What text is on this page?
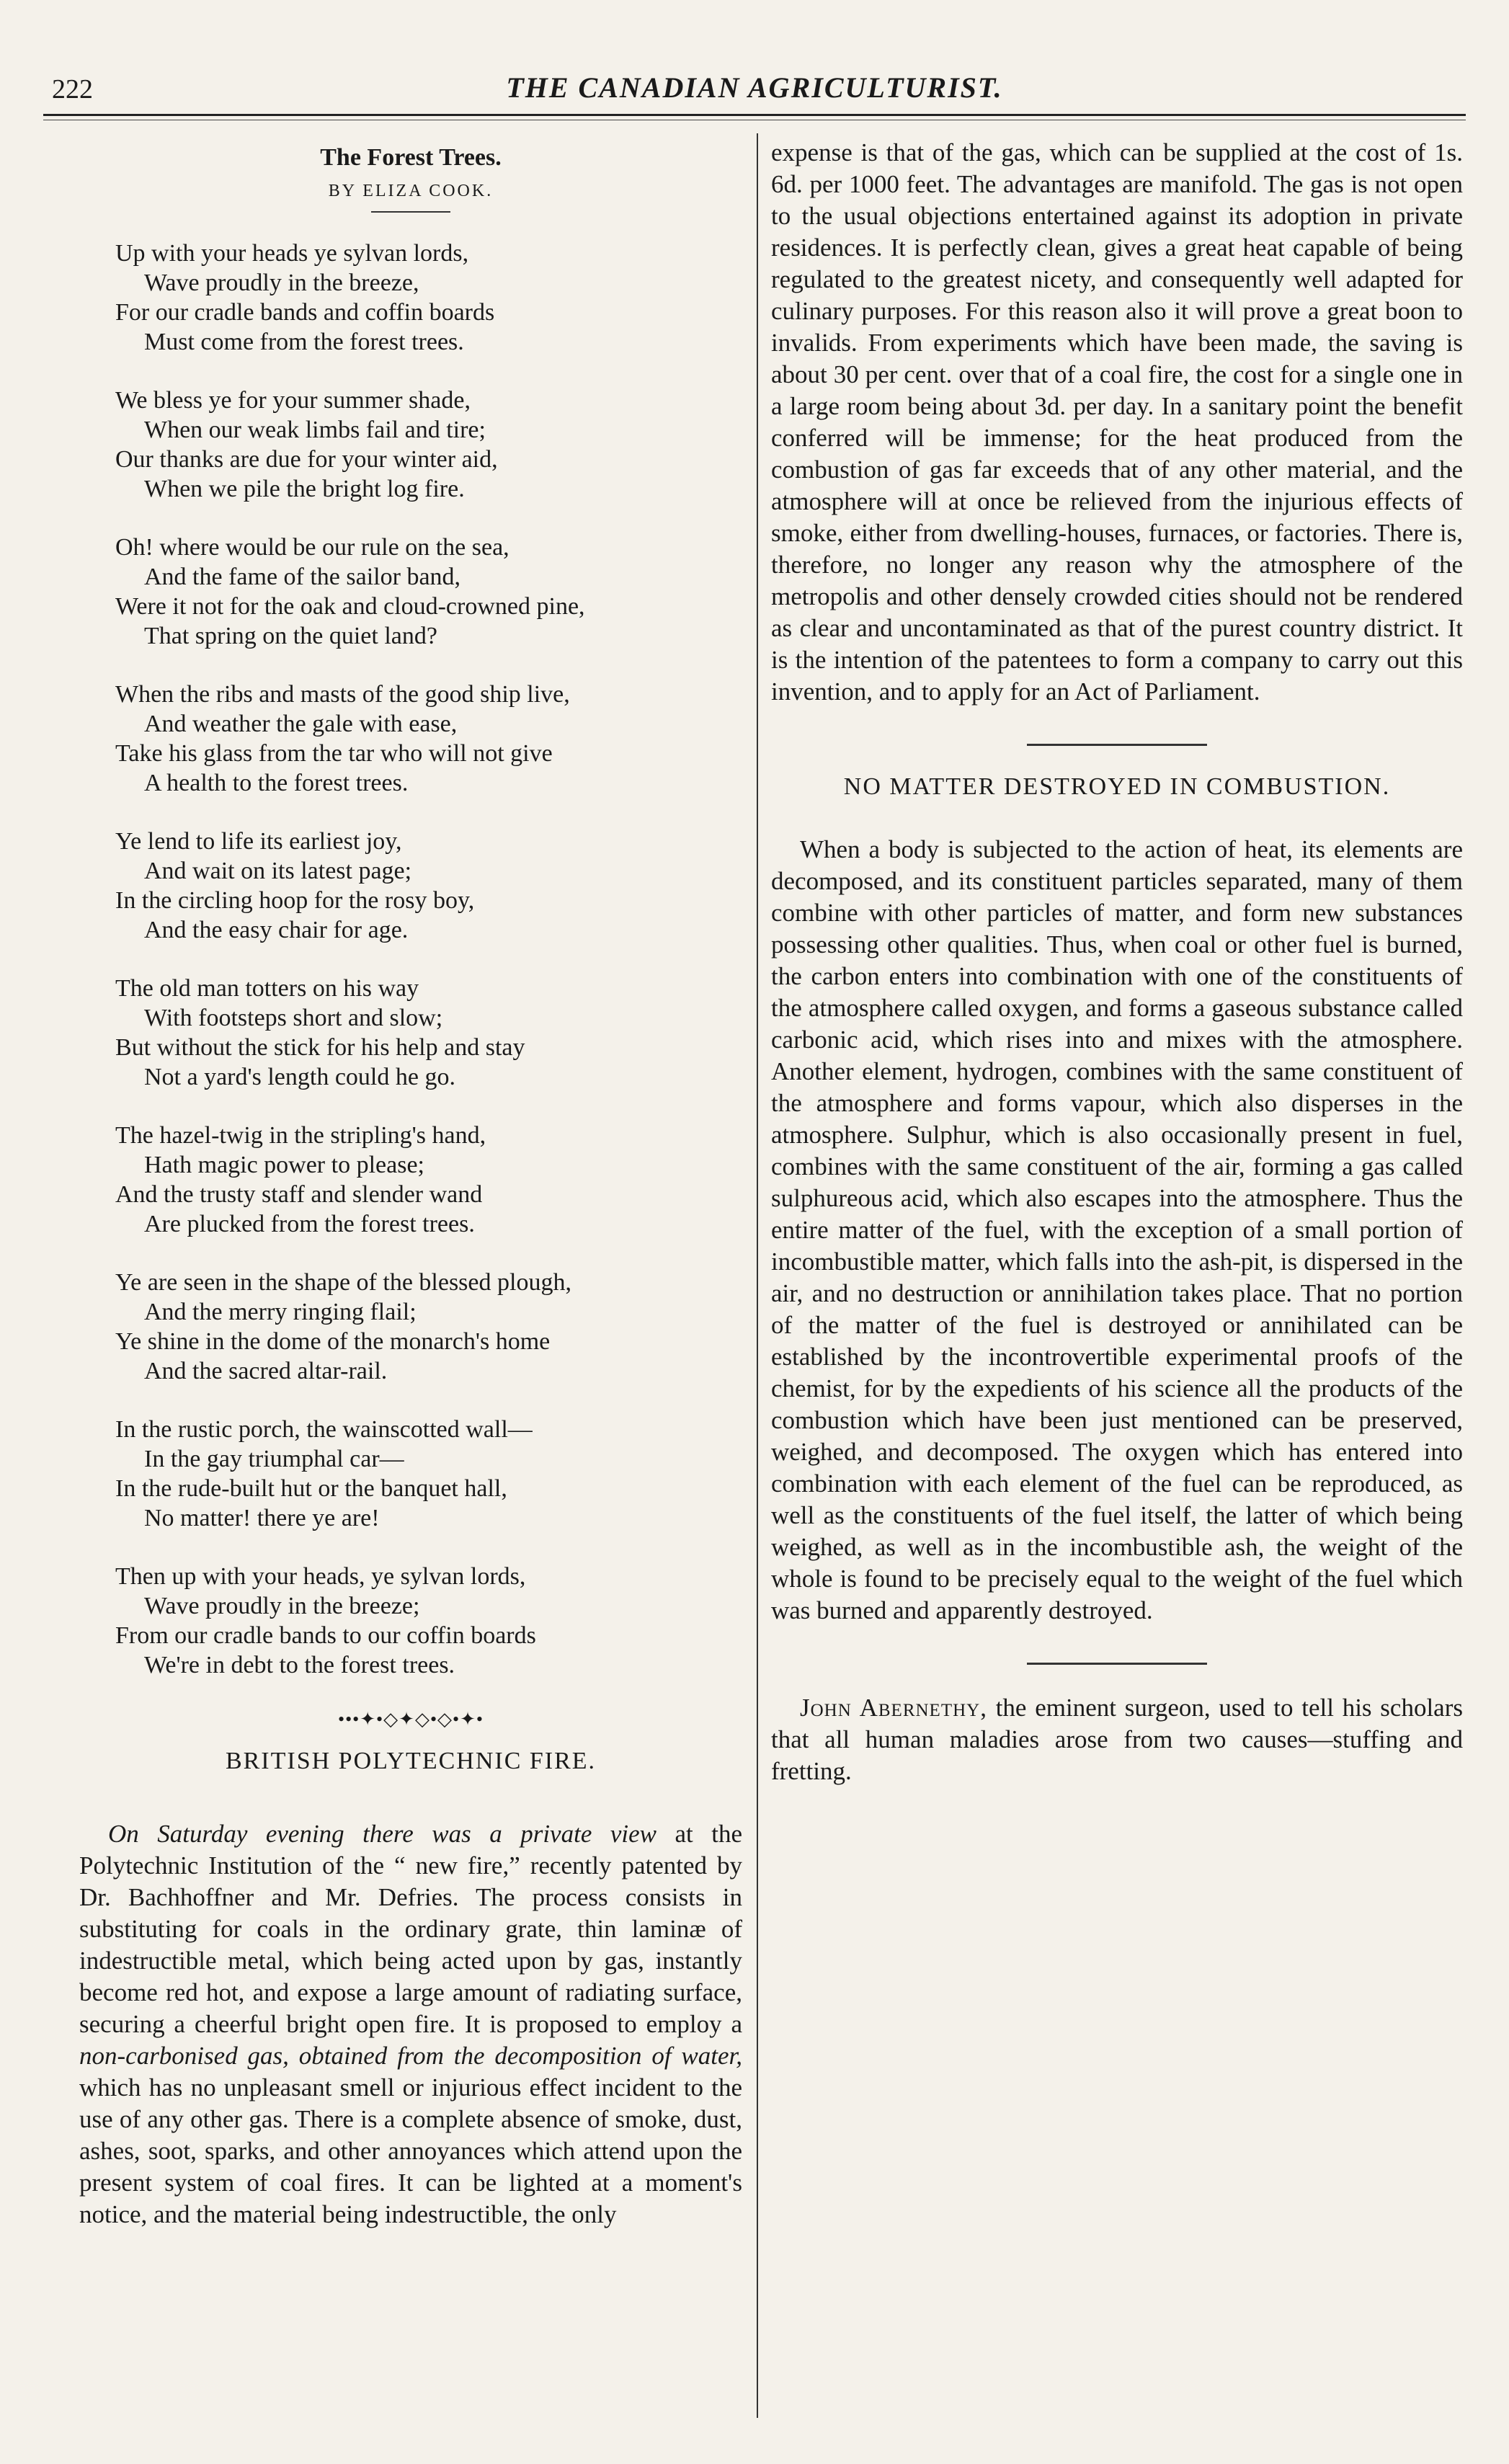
222	THE CANADIAN AGRICULTURIST.
The Forest Trees.
BY ELIZA COOK.
Up with your heads ye sylvan lords,
Wave proudly in the breeze,
For our cradle bands and coffin boards
Must come from the forest trees.
We bless ye for your summer shade,
When our weak limbs fail and tire;
Our thanks are due for your winter aid,
When we pile the bright log fire.
Oh! where would be our rule on the sea,
And the fame of the sailor band,
Were it not for the oak and cloud-crowned pine,
That spring on the quiet land?
When the ribs and masts of the good ship live,
And weather the gale with ease,
Take his glass from the tar who will not give
A health to the forest trees.
Ye lend to life its earliest joy,
And wait on its latest page;
In the circling hoop for the rosy boy,
And the easy chair for age.
The old man totters on his way
With footsteps short and slow;
But without the stick for his help and stay
Not a yard's length could he go.
The hazel-twig in the stripling's hand,
Hath magic power to please;
And the trusty staff and slender wand
Are plucked from the forest trees.
Ye are seen in the shape of the blessed plough,
And the merry ringing flail;
Ye shine in the dome of the monarch's home
And the sacred altar-rail.
In the rustic porch, the wainscotted wall—
In the gay triumphal car—
In the rude-built hut or the banquet hall,
No matter! there ye are!
Then up with your heads, ye sylvan lords,
Wave proudly in the breeze;
From our cradle bands to our coffin boards
We're in debt to the forest trees.
•••✦•◇✦◇•◇•✦•
BRITISH POLYTECHNIC FIRE.

On Saturday evening there was a private view at the Polytechnic Institution of the “ new fire,” recently patented by Dr. Bachhoffner and Mr. Defries. The process consists in substituting for coals in the ordinary grate, thin laminæ of indestructible metal, which being acted upon by gas, instantly become red hot, and expose a large amount of radiating surface, securing a cheerful bright open fire. It is proposed to employ a non-carbonised gas, obtained from the decomposition of water, which has no unpleasant smell or injurious effect incident to the use of any other gas. There is a complete absence of smoke, dust, ashes, soot, sparks, and other annoyances which attend upon the present system of coal fires. It can be lighted at a moment's notice, and the material being indestructible, the only

expense is that of the gas, which can be supplied at the cost of 1s. 6d. per 1000 feet. The advantages are manifold. The gas is not open to the usual objections entertained against its adoption in private residences. It is perfectly clean, gives a great heat capable of being regulated to the greatest nicety, and consequently well adapted for culinary purposes. For this reason also it will prove a great boon to invalids. From experiments which have been made, the saving is about 30 per cent. over that of a coal fire, the cost for a single one in a large room being about 3d. per day. In a sanitary point the benefit conferred will be immense; for the heat produced from the combustion of gas far exceeds that of any other material, and the atmosphere will at once be relieved from the injurious effects of smoke, either from dwelling-houses, furnaces, or factories. There is, therefore, no longer any reason why the atmosphere of the metropolis and other densely crowded cities should not be rendered as clear and uncontaminated as that of the purest country district. It is the intention of the patentees to form a company to carry out this invention, and to apply for an Act of Parliament.

NO MATTER DESTROYED IN COMBUSTION.

When a body is subjected to the action of heat, its elements are decomposed, and its constituent particles separated, many of them combine with other particles of matter, and form new substances possessing other qualities. Thus, when coal or other fuel is burned, the carbon enters into combination with one of the constituents of the atmosphere called oxygen, and forms a gaseous substance called carbonic acid, which rises into and mixes with the atmosphere. Another element, hydrogen, combines with the same constituent of the atmosphere and forms vapour, which also disperses in the atmosphere. Sulphur, which is also occasionally present in fuel, combines with the same constituent of the air, forming a gas called sulphureous acid, which also escapes into the atmosphere. Thus the entire matter of the fuel, with the exception of a small portion of incombustible matter, which falls into the ash-pit, is dispersed in the air, and no destruction or annihilation takes place. That no portion of the matter of the fuel is destroyed or annihilated can be established by the incontrovertible experimental proofs of the chemist, for by the expedients of his science all the products of the combustion which have been just mentioned can be preserved, weighed, and decomposed. The oxygen which has entered into combination with each element of the fuel can be reproduced, as well as the constituents of the fuel itself, the latter of which being weighed, as well as in the incombustible ash, the weight of the whole is found to be precisely equal to the weight of the fuel which was burned and apparently destroyed.

John Abernethy, the eminent surgeon, used to tell his scholars that all human maladies arose from two causes—stuffing and fretting.
